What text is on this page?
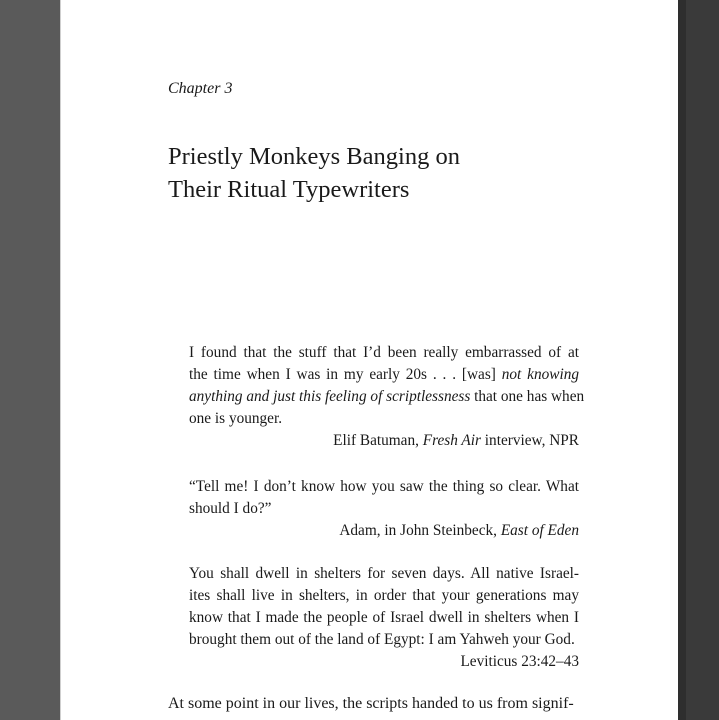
Chapter 3
Priestly Monkeys Banging on
Their Ritual Typewriters
I found that the stuff that I’d been really embarrassed of at
the time when I was in my early 20s . . . [was] not knowing
anything and just this feeling of scriptlessness that one has when
one is younger.
Elif Batuman, Fresh Air interview, NPR
“Tell me! I don’t know how you saw the thing so clear. What
should I do?”
Adam, in John Steinbeck, East of Eden
You shall dwell in shelters for seven days. All native Israel-
ites shall live in shelters, in order that your generations may
know that I made the people of Israel dwell in shelters when I
brought them out of the land of Egypt: I am Yahweh your God.
Leviticus 23:42–43
At some point in our lives, the scripts handed to us from signif-
